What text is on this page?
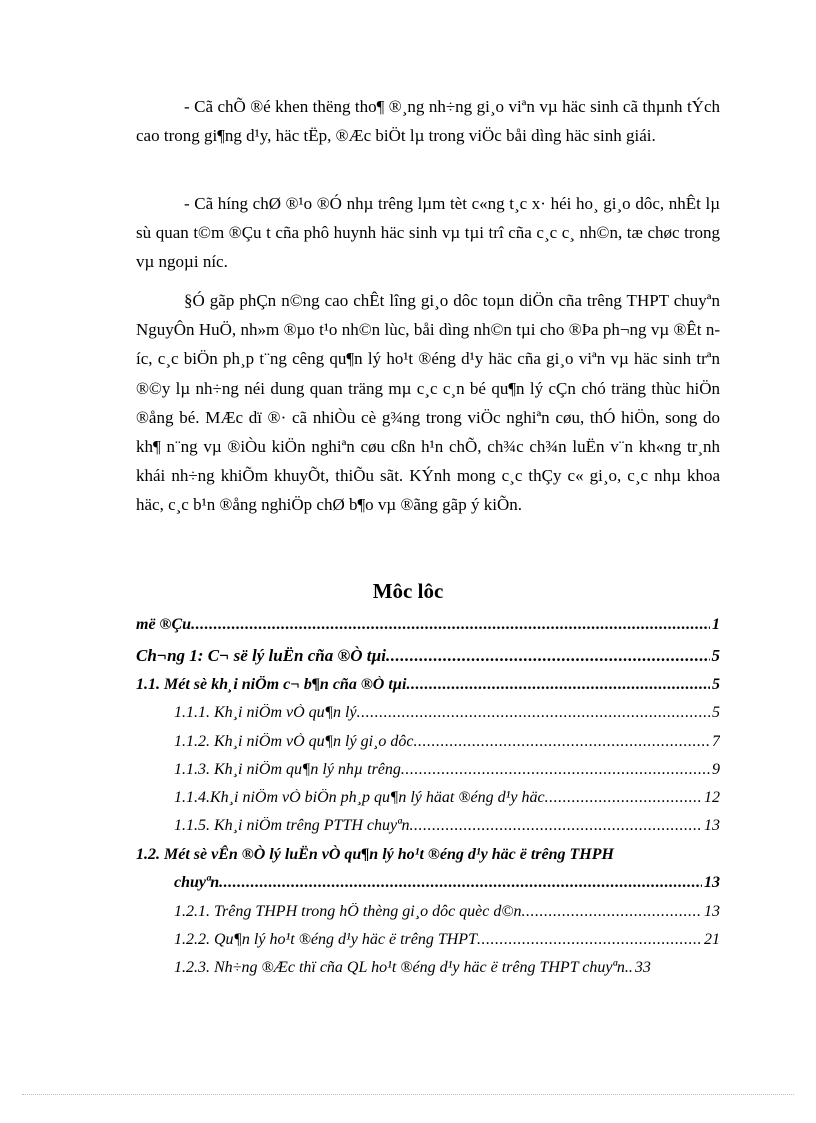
- Cã chÕ ®é khen thëng tho¶ ®¸ng nh÷ng gi¸o viªn vµ häc sinh cã thµnh tÝch cao trong gi¶ng d¹y, häc tËp, ®Æc biÖt lµ trong viÖc båi dìng häc sinh giái.

- Cã híng chØ ®¹o ®Ó nhµ trêng lµm tèt c«ng t¸c x· héi ho¸ gi¸o dôc, nhÊt lµ sù quan t©m ®Çu t cña phô huynh häc sinh vµ tµi trî cña c¸c c¸ nh©n, tæ chøc trong vµ ngoµi níc.

§Ó gãp phÇn n©ng cao chÊt lîng gi¸o dôc toµn diÖn cña trêng THPT chuyªn NguyÔn HuÖ, nh»m ®µo t¹o nh©n lùc, båi dìng nh©n tµi cho ®Þa ph¬ng vµ ®Êt níc, c¸c biÖn ph¸p t¨ng cêng qu¶n lý ho¹t ®éng d¹y häc cña gi¸o viªn vµ häc sinh trªn ®©y lµ nh÷ng néi dung quan träng mµ c¸c c¸n bé qu¶n lý cÇn chó träng thùc hiÖn ®ång bé. MÆc dï ®· cã nhiÒu cè g¾ng trong viÖc nghiªn cøu, thÓ hiÖn, song do kh¶ n¨ng vµ ®iÒu kiÖn nghiªn cøu cßn h¹n chÕ, ch¾c ch¾n luËn v¨n kh«ng tr¸nh khái nh÷ng khiÕm khuyÕt, thiÕu sãt. KÝnh mong c¸c thÇy c« gi¸o, c¸c nhµ khoa häc, c¸c b¹n ®ång nghiÖp chØ b¶o vµ ®ãng gãp ý kiÕn.

Môc lôc
më ®Çu .....	1
Ch¬ng 1: C¬ së lý luËn cña ®Ò tµi .....	5
1.1. Mét sè kh¸i niÖm c¬ b¶n cña ®Ò tµi .....	5
1.1.1. Kh¸i niÖm vÒ qu¶n lý .....	5
1.1.2. Kh¸i niÖm vÒ qu¶n lý gi¸o dôc .....	7
1.1.3. Kh¸i niÖm qu¶n lý nhµ trêng .....	9
1.1.4.Kh¸i niÖm vÒ biÖn ph¸p qu¶n lý häat ®éng d¹y häc .....	12
1.1.5. Kh¸i niÖm trêng PTTH chuyªn .....	13
1.2. Mét sè vÊn ®Ò lý luËn vÒ qu¶n lý ho¹t ®éng d¹y häc ë trêng THPH
chuyªn .....	13
1.2.1. Trêng THPH trong hÖ thèng gi¸o dôc quèc d©n .....	13
1.2.2. Qu¶n lý ho¹t ®éng d¹y häc ë trêng THPT .....	21
1.2.3. Nh÷ng ®Æc thï cña QL ho¹t ®éng d¹y häc ë trêng THPT chuyªn.. 33
